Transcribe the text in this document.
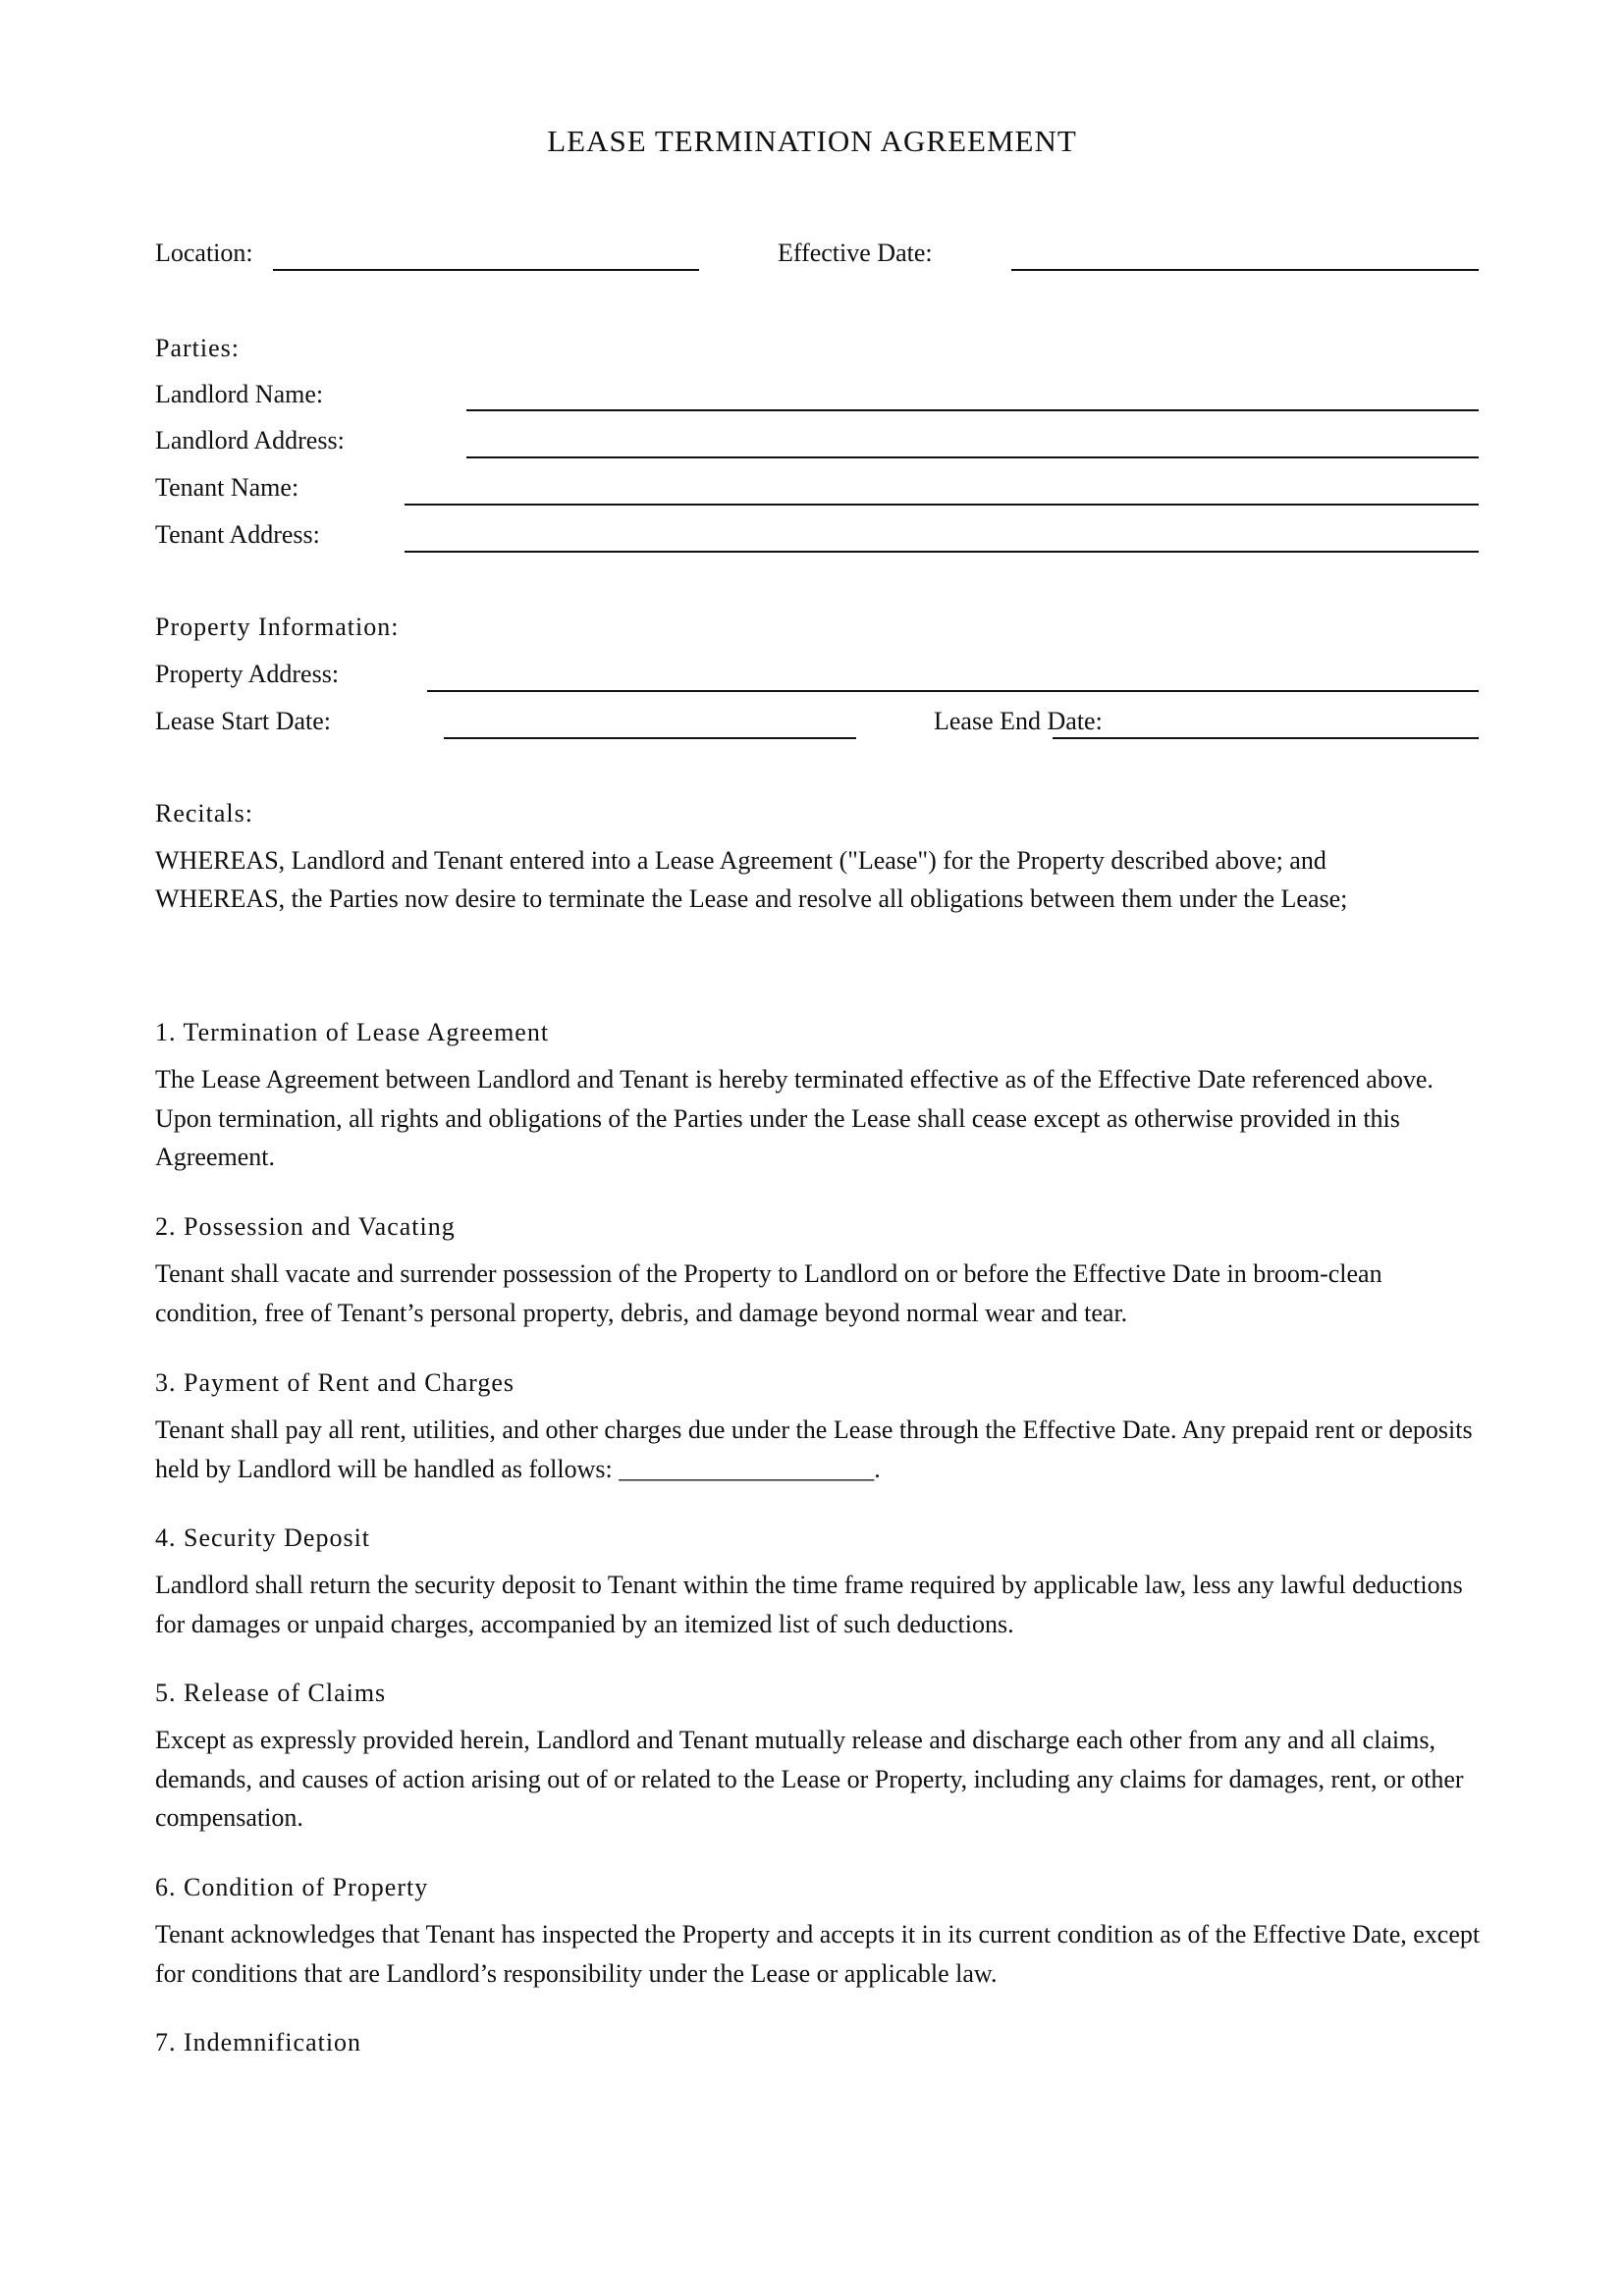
LEASE TERMINATION AGREEMENT
Location:	Effective Date:
Parties:
Landlord Name:
Landlord Address:
Tenant Name:
Tenant Address:
Property Information:
Property Address:
Lease Start Date:	Lease End Date:
Recitals:
WHEREAS, Landlord and Tenant entered into a Lease Agreement ("Lease") for the Property described above; and
WHEREAS, the Parties now desire to terminate the Lease and resolve all obligations between them under the Lease;
1. Termination of Lease Agreement
The Lease Agreement between Landlord and Tenant is hereby terminated effective as of the Effective Date referenced above. Upon termination, all rights and obligations of the Parties under the Lease shall cease except as otherwise provided in this Agreement.
2. Possession and Vacating
Tenant shall vacate and surrender possession of the Property to Landlord on or before the Effective Date in broom-clean condition, free of Tenant’s personal property, debris, and damage beyond normal wear and tear.
3. Payment of Rent and Charges
Tenant shall pay all rent, utilities, and other charges due under the Lease through the Effective Date. Any prepaid rent or deposits held by Landlord will be handled as follows: ____________________.
4. Security Deposit
Landlord shall return the security deposit to Tenant within the time frame required by applicable law, less any lawful deductions for damages or unpaid charges, accompanied by an itemized list of such deductions.
5. Release of Claims
Except as expressly provided herein, Landlord and Tenant mutually release and discharge each other from any and all claims, demands, and causes of action arising out of or related to the Lease or Property, including any claims for damages, rent, or other compensation.
6. Condition of Property
Tenant acknowledges that Tenant has inspected the Property and accepts it in its current condition as of the Effective Date, except for conditions that are Landlord’s responsibility under the Lease or applicable law.
7. Indemnification
